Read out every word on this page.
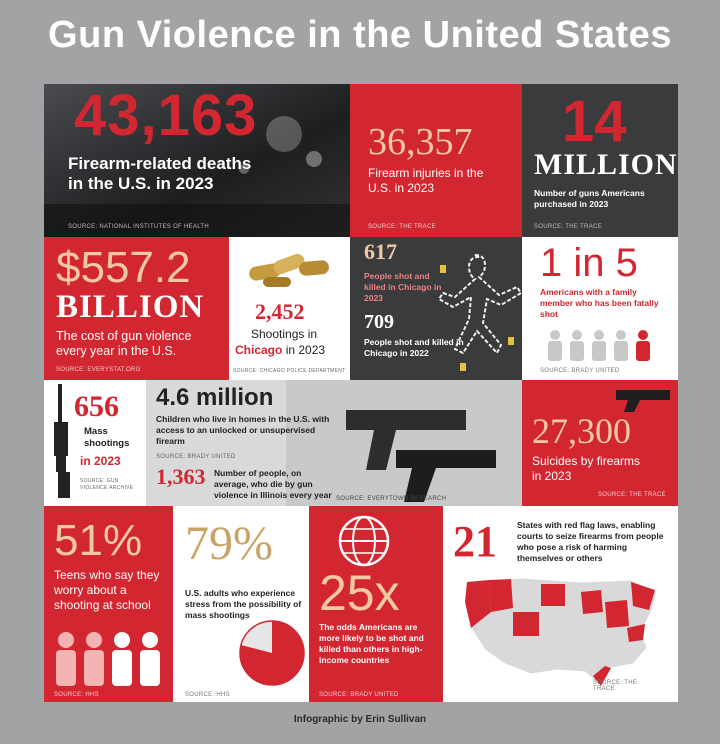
Gun Violence in the United States
43,163
Firearm-related deaths in the U.S. in 2023
SOURCE: NATIONAL INSTITUTES OF HEALTH
36,357
Firearm injuries in the U.S. in 2023
SOURCE: THE TRACE
14
MILLION
Number of guns Americans purchased in 2023
SOURCE: THE TRACE
$557.2
BILLION
The cost of gun violence every year in the U.S.
SOURCE: EVERYSTAT.ORG
2,452
Shootings in
Chicago in 2023
SOURCE: CHICAGO POLICE DEPARTMENT
617
People shot and killed in Chicago in 2023
709
People shot and killed in Chicago in 2022
1 in 5
Americans with a family member who has been fatally shot
SOURCE: BRADY UNITED
656
Mass shootings
in 2023
SOURCE: GUN VIOLENCE ARCHIVE
4.6 million
Children who live in homes in the U.S. with access to an unlocked or unsupervised firearm
SOURCE: BRADY UNITED
1,363 Number of people, on average, who die by gun violence in Illinois every year SOURCE: EVERYTOWN RESEARCH
27,300
Suicides by firearms in 2023
SOURCE: THE TRACE
51%
Teens who say they worry about a shooting at school
SOURCE: HHS
79%
U.S. adults who experience stress from the possibility of mass shootings
SOURCE: HHS
25x
The odds Americans are more likely to be shot and killed than others in high-income countries
SOURCE: BRADY UNITED
21 States with red flag laws, enabling courts to seize firearms from people who pose a risk of harming themselves or others
SOURCE: THE TRACE
Infographic by Erin Sullivan
